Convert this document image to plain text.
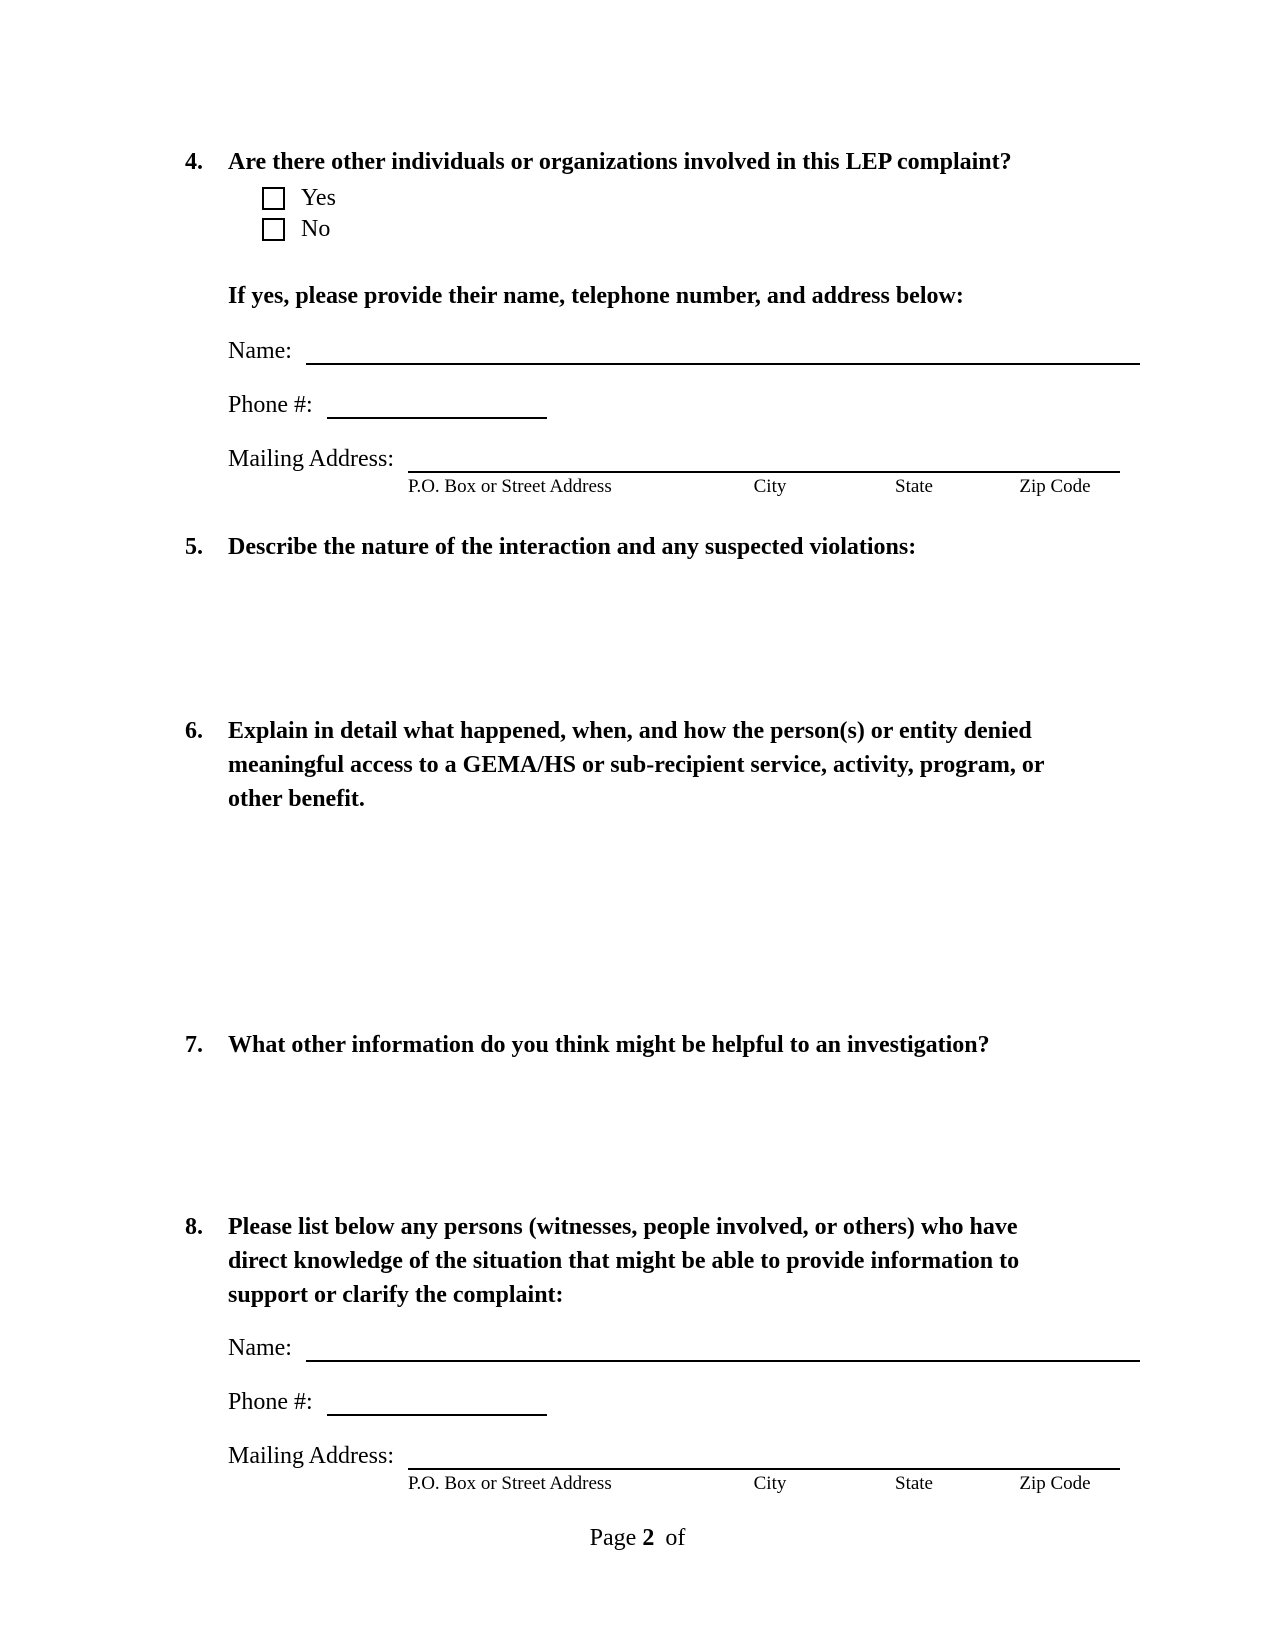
4.	Are there other individuals or organizations involved in this LEP complaint?
Yes
No
If yes, please provide their name, telephone number, and address below:
Name:
Phone #:
Mailing Address:
P.O. Box or Street Address	City	State	Zip Code
5.	Describe the nature of the interaction and any suspected violations:
6.	Explain in detail what happened, when, and how the person(s) or entity denied meaningful access to a GEMA/HS or sub-recipient service, activity, program, or other benefit.
7.	What other information do you think might be helpful to an investigation?
8.	Please list below any persons (witnesses, people involved, or others) who have direct knowledge of the situation that might be able to provide information to support or clarify the complaint:
Name:
Phone #:
Mailing Address:
P.O. Box or Street Address	City	State	Zip Code
Page 2 of
